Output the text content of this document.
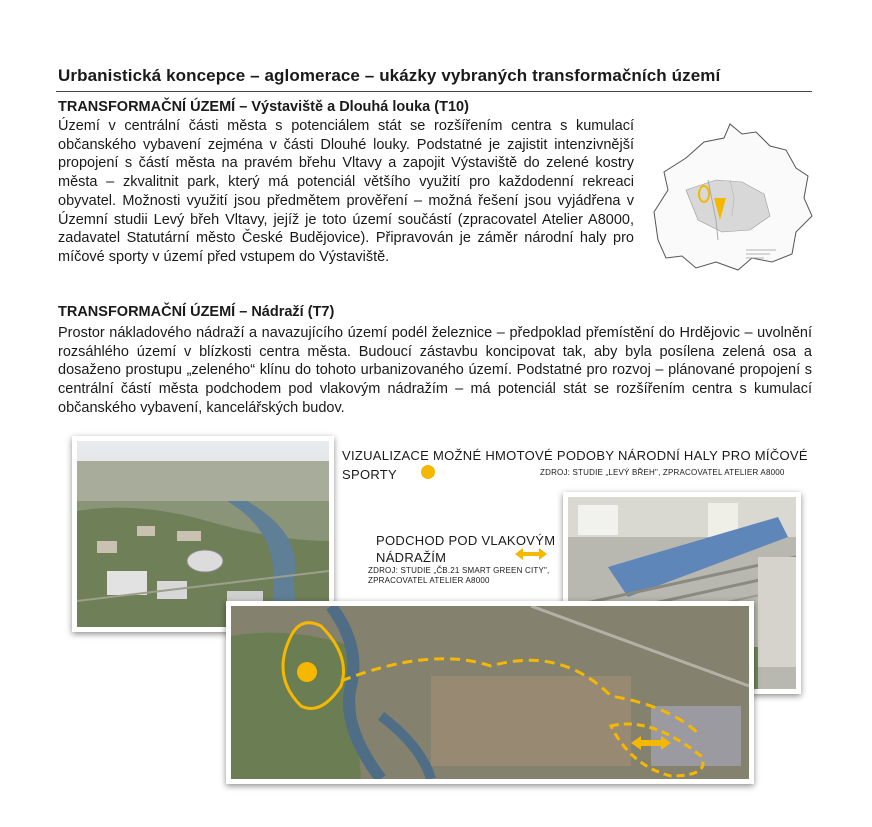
Urbanistická koncepce – aglomerace – ukázky vybraných transformačních území
TRANSFORMAČNÍ ÚZEMÍ – Výstaviště a Dlouhá louka (T10)
Území v centrální části města s potenciálem stát se rozšířením centra s kumulací občanského vybavení zejména v části Dlouhé louky. Podstatné je zajistit intenzivnější propojení s částí města na pravém břehu Vltavy a zapojit Výstaviště do zelené kostry města – zkvalitnit park, který má potenciál většího využití pro každodenní rekreaci obyvatel. Možnosti využití jsou předmětem prověření – možná řešení jsou vyjádřena v Územní studii Levý břeh Vltavy, jejíž je toto území součástí (zpracovatel Atelier A8000, zadavatel Statutární město České Budějovice). Připravován je záměr národní haly pro míčové sporty v území před vstupem do Výstaviště.
TRANSFORMAČNÍ ÚZEMÍ – Nádraží (T7)
Prostor nákladového nádraží a navazujícího území podél železnice – předpoklad přemístění do Hrdějovic – uvolnění rozsáhlého území v blízkosti centra města. Budoucí zástavbu koncipovat tak, aby byla posílena zelená osa a dosaženo prostupu „zeleného“ klínu do tohoto urbanizovaného území. Podstatné pro rozvoj – plánované propojení s centrální částí města podchodem pod vlakovým nádražím – má potenciál stát se rozšířením centra s kumulací občanského vybavení, kancelářských budov.
VIZUALIZACE MOŽNÉ HMOTOVÉ PODOBY NÁRODNÍ HALY PRO MÍČOVÉ SPORTY	ZDROJ: STUDIE „LEVÝ BŘEH", ZPRACOVATEL ATELIER A8000
PODCHOD POD VLAKOVÝM
NÁDRAŽÍM
ZDROJ: STUDIE „ČB.21 SMART GREEN CITY",
ZPRACOVATEL ATELIER A8000
